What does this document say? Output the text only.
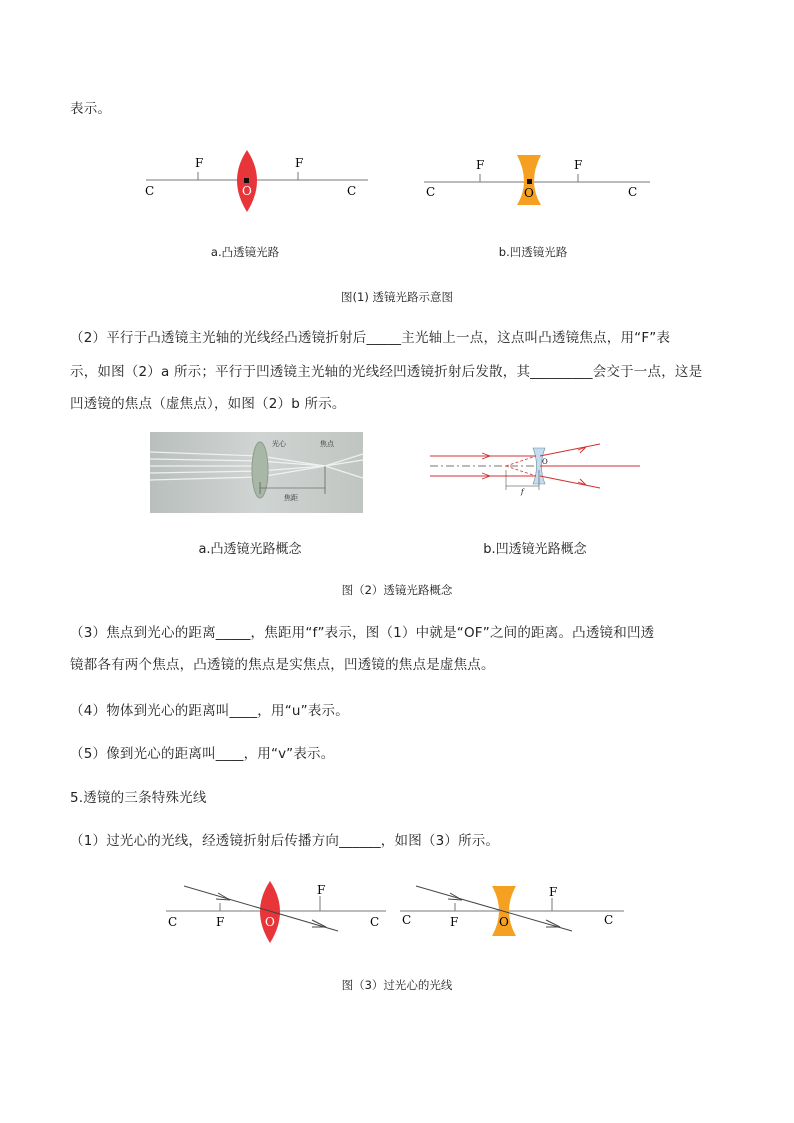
表示。
F	F
C	C
O
F	F
C	C
O
a.凸透镜光路	b.凹透镜光路
图(1) 透镜光路示意图
（2）平行于凸透镜主光轴的光线经凸透镜折射后_____主光轴上一点，这点叫凸透镜焦点，用“F”表
示，如图（2）a 所示；平行于凹透镜主光轴的光线经凹透镜折射后发散，其_________会交于一点，这是
凹透镜的焦点（虚焦点），如图（2）b 所示。
光心	焦点
焦距
O
f
a.凸透镜光路概念	b.凹透镜光路概念
图（2）透镜光路概念
（3）焦点到光心的距离_____，焦距用“f”表示，图（1）中就是“OF”之间的距离。凸透镜和凹透
镜都各有两个焦点，凸透镜的焦点是实焦点，凹透镜的焦点是虚焦点。
（4）物体到光心的距离叫____，用“u”表示。
（5）像到光心的距离叫____，用“v”表示。
5.透镜的三条特殊光线
（1）过光心的光线，经透镜折射后传播方向______，如图（3）所示。
C	F
F
C
O	C	F
F
C
O
图（3）过光心的光线
